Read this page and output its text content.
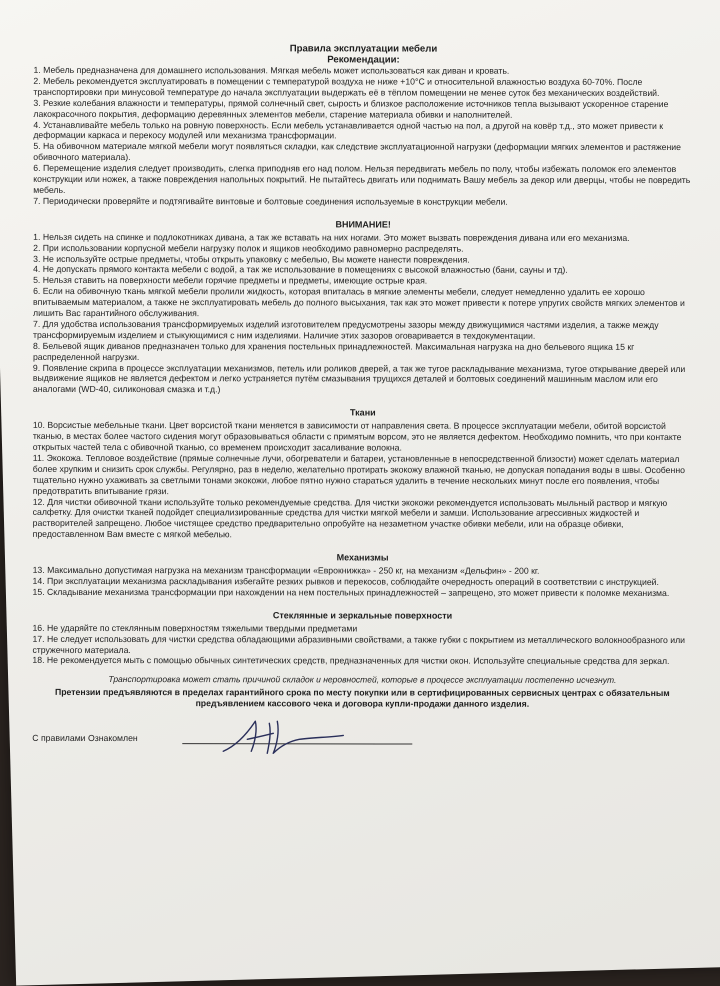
Правила эксплуатации мебели
Рекомендации:

1. Мебель предназначена для домашнего использования. Мягкая мебель может использоваться как диван и кровать.

2. Мебель рекомендуется эксплуатировать в помещении с температурой воздуха не ниже +10°С и относительной влажностью воздуха 60-70%. После транспортировки при минусовой температуре до начала эксплуатации выдержать её в тёплом помещении не менее суток без механических воздействий.

3. Резкие колебания влажности и температуры, прямой солнечный свет, сырость и близкое расположение источников тепла вызывают ускоренное старение лакокрасочного покрытия, деформацию деревянных элементов мебели, старение материала обивки и наполнителей.

4. Устанавливайте мебель только на ровную поверхность. Если мебель устанавливается одной частью на пол, а другой на ковёр т.д., это может привести к деформации каркаса и перекосу модулей или механизма трансформации.

5. На обивочном материале мягкой мебели могут появляться складки, как следствие эксплуатационной нагрузки (деформации мягких элементов и растяжение обивочного материала).

6. Перемещение изделия следует производить, слегка приподняв его над полом. Нельзя передвигать мебель по полу, чтобы избежать поломок его элементов конструкции или ножек, а также повреждения напольных покрытий. Не пытайтесь двигать или поднимать Вашу мебель за декор или дверцы, чтобы не повредить мебель.

7. Периодически проверяйте и подтягивайте винтовые и болтовые соединения используемые в конструкции мебели.

ВНИМАНИЕ!

1. Нельзя сидеть на спинке и подлокотниках дивана, а так же вставать на них ногами. Это может вызвать повреждения дивана или его механизма.

2. При использовании корпусной мебели нагрузку полок и ящиков необходимо равномерно распределять.

3. Не используйте острые предметы, чтобы открыть упаковку с мебелью, Вы можете нанести повреждения.

4. Не допускать прямого контакта мебели с водой, а так же использование в помещениях с высокой влажностью (бани, сауны и тд).

5. Нельзя ставить на поверхности мебели горячие предметы и предметы, имеющие острые края.

6. Если на обивочную ткань мягкой мебели пролили жидкость, которая впиталась в мягкие элементы мебели, следует немедленно удалить ее хорошо впитываемым материалом, а также не эксплуатировать мебель до полного высыхания, так как это может привести к потере упругих свойств мягких элементов и лишить Вас гарантийного обслуживания.

7. Для удобства использования трансформируемых изделий изготовителем предусмотрены зазоры между движущимися частями изделия, а также между трансформируемым изделием и стыкующимися с ним изделиями. Наличие этих зазоров оговаривается в техдокументации.

8. Бельевой ящик диванов предназначен только для хранения постельных принадлежностей. Максимальная нагрузка на дно бельевого ящика 15 кг распределенной нагрузки.

9. Появление скрипа в процессе эксплуатации механизмов, петель или роликов дверей, а так же тугое раскладывание механизма, тугое открывание дверей или выдвижение ящиков не является дефектом и легко устраняется путём смазывания трущихся деталей и болтовых соединений машинным маслом или его аналогами (WD-40, силиконовая смазка и т.д.)

Ткани

10. Ворсистые мебельные ткани. Цвет ворсистой ткани меняется в зависимости от направления света. В процессе эксплуатации мебели, обитой ворсистой тканью, в местах более частого сидения могут образовываться области с примятым ворсом, это не является дефектом. Необходимо помнить, что при контакте открытых частей тела с обивочной тканью, со временем происходит засаливание волокна.

11. Экокожа. Тепловое воздействие (прямые солнечные лучи, обогреватели и батареи, установленные в непосредственной близости) может сделать материал более хрупким и снизить срок службы. Регулярно, раз в неделю, желательно протирать экокожу влажной тканью, не допуская попадания воды в швы. Особенно тщательно нужно ухаживать за светлыми тонами экокожи, любое пятно нужно стараться удалить в течение нескольких минут после его появления, чтобы предотвратить впитывание грязи.

12. Для чистки обивочной ткани используйте только рекомендуемые средства. Для чистки экокожи рекомендуется использовать мыльный раствор и мягкую салфетку. Для очистки тканей подойдет специализированные средства для чистки мягкой мебели и замши. Использование агрессивных жидкостей и растворителей запрещено. Любое чистящее средство предварительно опробуйте на незаметном участке обивки мебели, или на образце обивки, предоставленном Вам вместе с мягкой мебелью.

Механизмы

13. Максимально допустимая нагрузка на механизм трансформации «Еврокнижка» - 250 кг, на механизм «Дельфин» - 200 кг.

14. При эксплуатации механизма раскладывания избегайте резких рывков и перекосов, соблюдайте очередность операций в соответствии с инструкцией.

15. Складывание механизма трансформации при нахождении на нем постельных принадлежностей – запрещено, это может привести к поломке механизма.

Стеклянные и зеркальные поверхности

16. Не ударяйте по стеклянным поверхностям тяжелыми твердыми предметами

17. Не следует использовать для чистки средства обладающими абразивными свойствами, а также губки с покрытием из металлического волокнообразного или стружечного материала.

18. Не рекомендуется мыть с помощью обычных синтетических средств, предназначенных для чистки окон. Используйте специальные средства для зеркал.

Транспортировка может стать причиной складок и неровностей, которые в процессе эксплуатации постепенно исчезнут.

Претензии предъявляются в пределах гарантийного срока по месту покупки или в сертифицированных сервисных центрах с обязательным предъявлением кассового чека и договора купли-продажи данного изделия.

С правилами Ознакомлен
